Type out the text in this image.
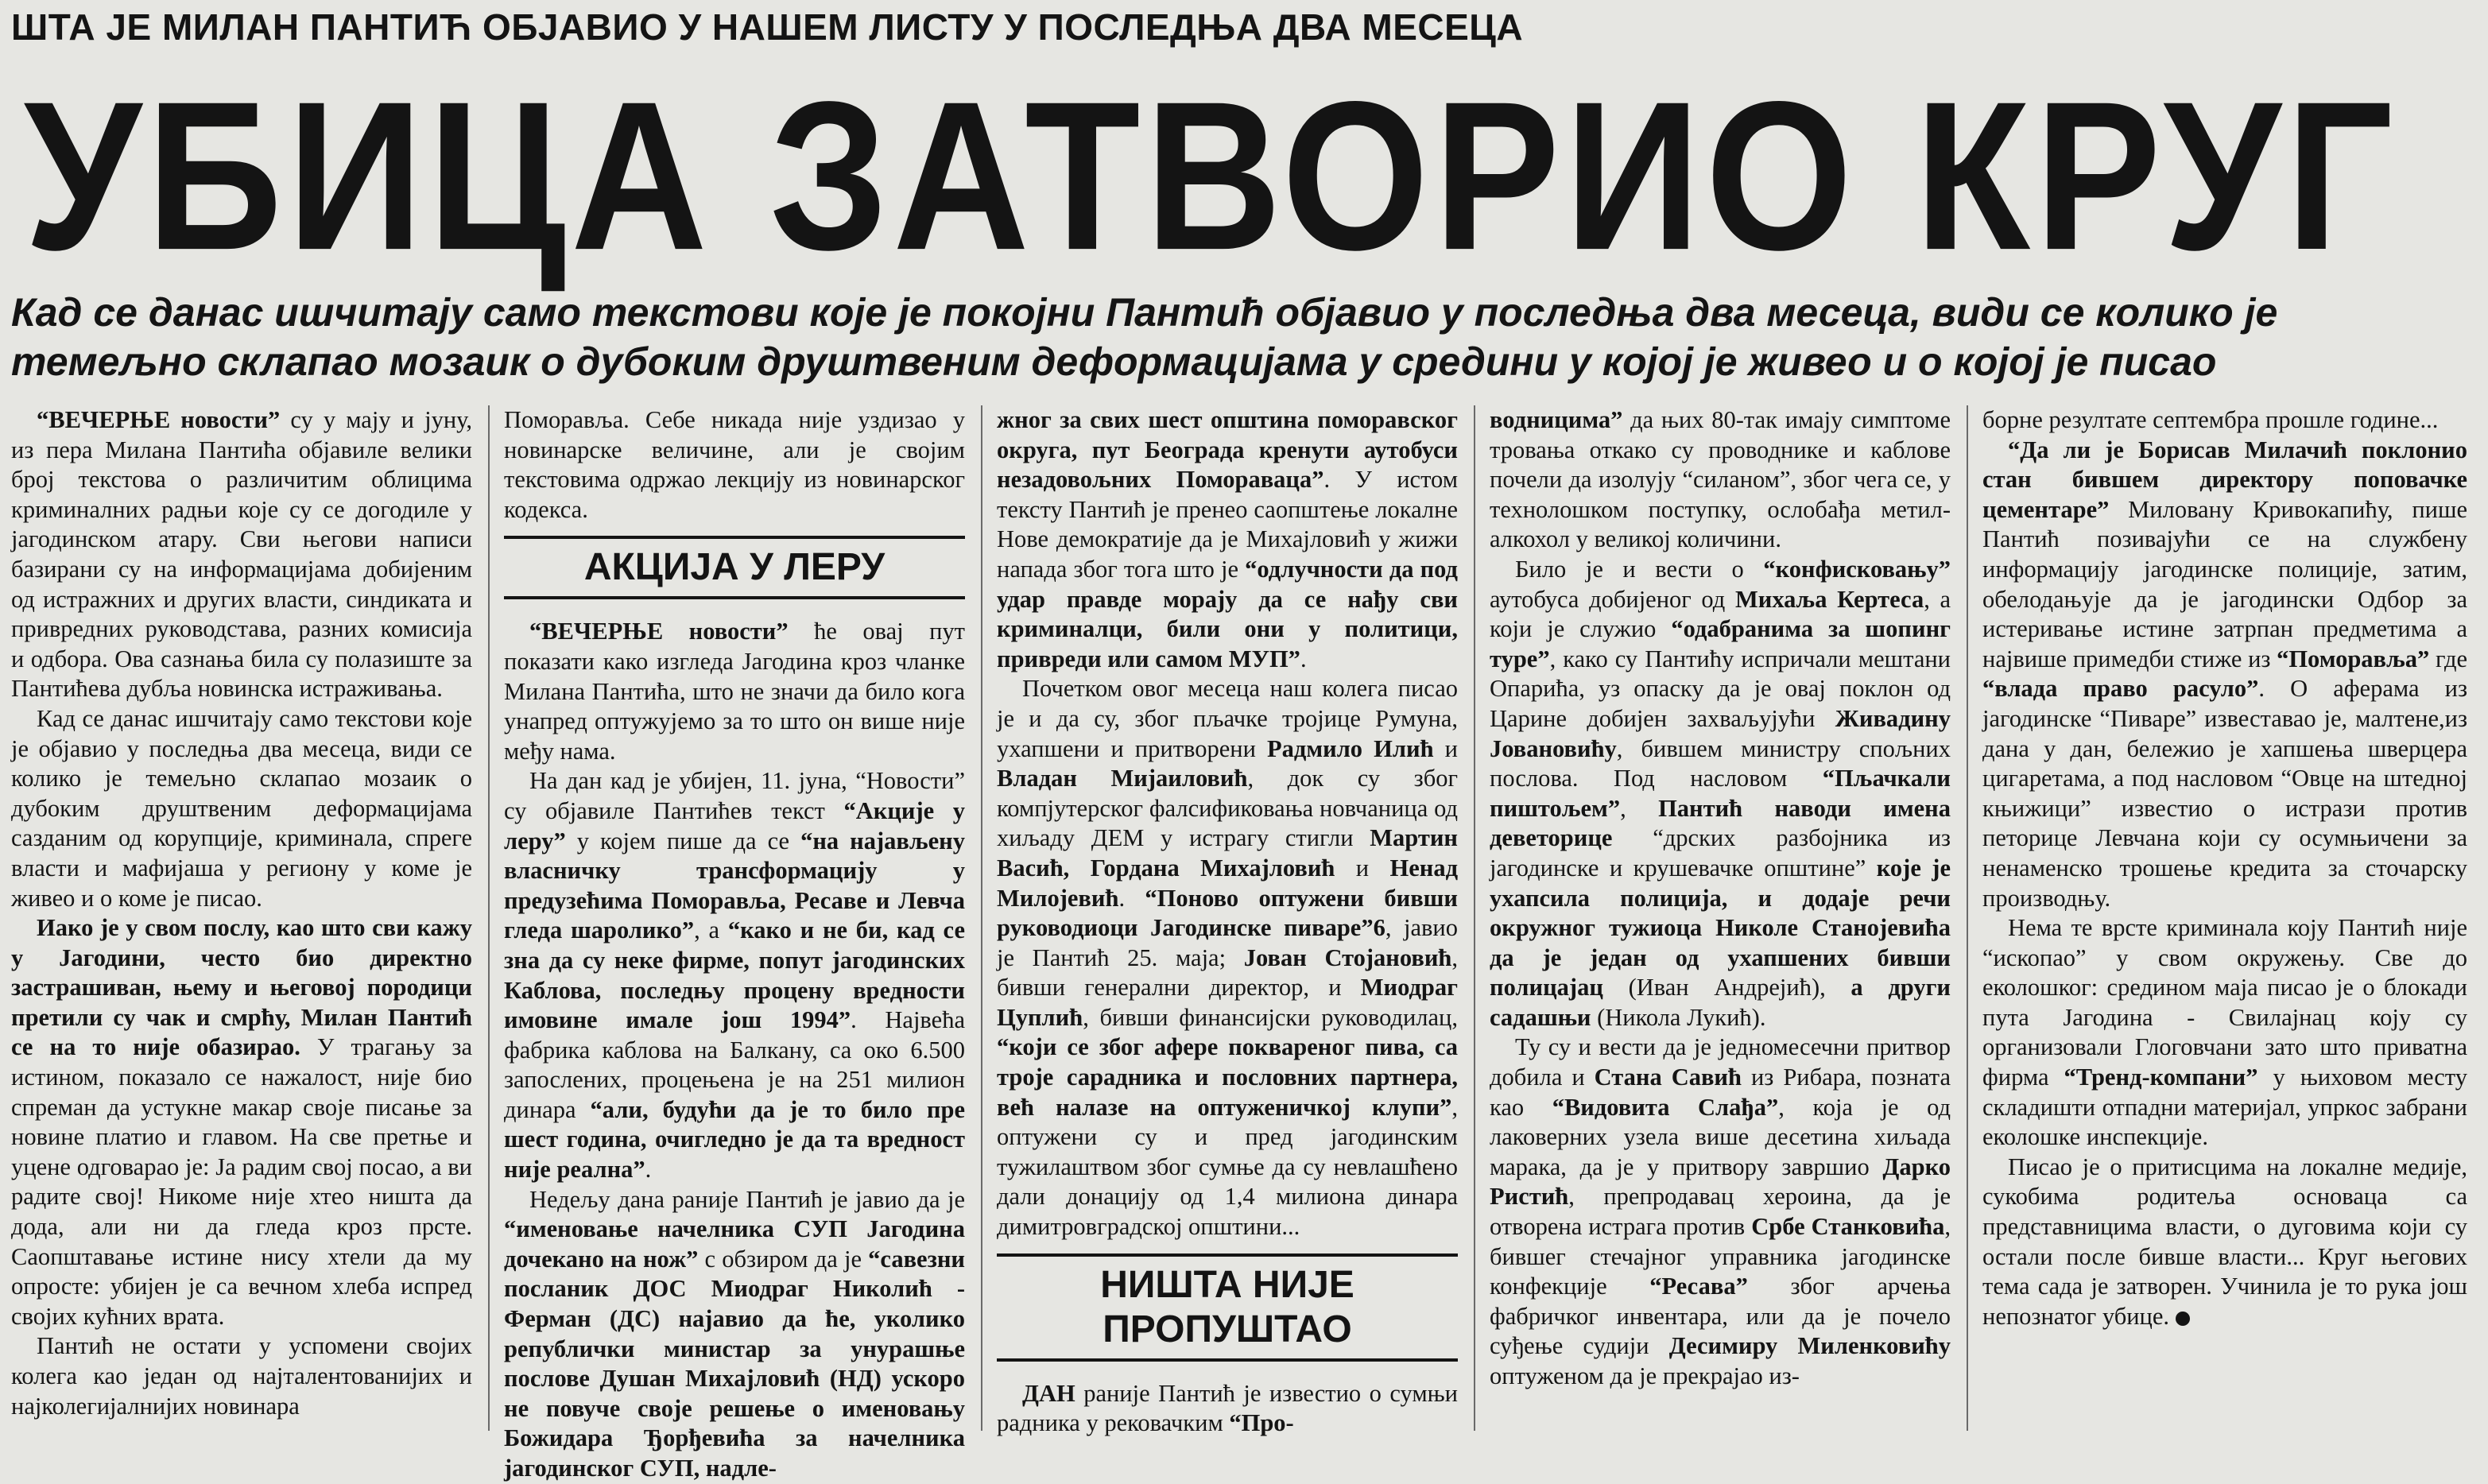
ШТА ЈЕ МИЛАН ПАНТИЋ ОБЈАВИО У НАШЕМ ЛИСТУ У ПОСЛЕДЊА ДВА МЕСЕЦА
УБИЦА ЗАТВОРИО КРУГ
Кад се данас ишчитају само текстови које је покојни Пантић објавио у последња два месеца, види се колико је темељно склапао мозаик о дубоким друштвеним деформацијама у средини у којој је живео и о којој је писао

“ВЕЧЕРЊЕ новости” су у мају и јуну, из пера Милана Пантића објавиле велики број текстова о различитим облицима криминалних радњи које су се догодиле у јагодинском атару. Сви његови написи базирани су на информацијама добијеним од истражних и других власти, синдиката и привредних руководстава, разних комисија и одбора. Ова сазнања била су полазиште за Пантићева дубља новинска истраживања.

Кад се данас ишчитају само текстови које је објавио у последња два месеца, види се колико је темељно склапао мозаик о дубоким друштвеним деформацијама сазданим од корупције, криминала, спреге власти и мафијаша у региону у коме је живео и о коме је писао.

Иако је у свом послу, као што сви кажу у Јагодини, често био директно застрашиван, њему и његовој породици претили су чак и смрћу, Милан Пантић се на то није обазирао. У трагању за истином, показало се нажалост, није био спреман да устукне макар своје писање за новине платио и главом. На све претње и уцене одговарао је: Ја радим свој посао, а ви радите свој! Никоме није хтео ништа да дода, али ни да гледа кроз прсте. Саопштавање истине нису хтели да му опросте: убијен је са вечном хлеба испред својих кућних врата.

Пантић не остати у успомени својих колега као један од најталентованијих и најколегијалнијих новинара

Поморавља. Себе никада није уздизао у новинарске величине, али је својим текстовима одржао лекцију из новинарског кодекса.

АКЦИЈА У ЛЕРУ

“ВЕЧЕРЊЕ новости” ће овај пут показати како изгледа Јагодина кроз чланке Милана Пантића, што не значи да било кога унапред оптужујемо за то што он више није међу нама.

На дан кад је убијен, 11. јуна, “Новости” су објавиле Пантићев текст “Акције у леру” у којем пише да се “на најављену власничку трансформацију у предузећима Поморавља, Ресаве и Левча гледа шаролико”, а “како и не би, кад се зна да су неке фирме, попут јагодинских Каблова, последњу процену вредности имовине имале још 1994”. Највећа фабрика каблова на Балкану, са око 6.500 запослених, процењена је на 251 милион динара “али, будући да је то било пре шест година, очигледно је да та вредност није реална”.

Недељу дана раније Пантић је јавио да је “именовање начелника СУП Јагодина дочекано на нож” с обзиром да је “савезни посланик ДОС Миодраг Николић - Ферман (ДС) најавио да ће, уколико републички министар за унурашње послове Душан Михајловић (НД) ускоро не повуче своје решење о именовању Божидара Ђорђевића за начелника јагодинског СУП, надле-

жног за свих шест општина поморавског округа, пут Београда кренути аутобуси незадовољних Поморавaца”. У истом тексту Пантић је пренео саопштење локалне Нове демократије да је Михајловић у жижи напада због тога што је “одлучности да под удар правде морају да се нађу сви криминалци, били они у политици, привреди или самом МУП”.

Почетком овог месеца наш колега писао је и да су, због пљачке тројице Румуна, ухапшени и притворени Радмило Илић и Владан Мијаиловић, док су због компјутерског фалсификовања новчаница од хиљаду ДЕМ у истрагу стигли Мартин Васић, Гордана Михајловић и Ненад Милојевић. “Поново оптужени бивши руководиоци Јагодинске пиваре”6, јавио је Пантић 25. маја; Јован Стојановић, бивши генерални директор, и Миодраг Цуплић, бивши финансијски руководилац, “који се због афере поквареног пива, са троје сарадника и пословних партнера, већ налазе на оптуженичкој клупи”, оптужени су и пред јагодинским тужилаштвом због сумње да су невлашћено дали донацију од 1,4 милиона динара димитровградској општини...

НИШТА НИЈЕ ПРОПУШТАО

ДАН раније Пантић је известио о сумњи радника у рековачким “Про-

водницима” да њих 80-так имају симптоме тровања откако су проводнике и каблове почели да изолују “силаном”, због чега се, у технолошком поступку, ослобађа метил-алкохол у великој количини.

Било је и вести о “конфисковању” аутобуса добијеног од Михаља Кертеса, а који је служио “одабранима за шопинг туре”, како су Пантићу испричали мештани Опарића, уз опаску да је овај поклон од Царине добијен захваљујући Живадину Јовановићу, бившем министру спољних послова. Под насловом “Пљачкали пиштољем”, Пантић наводи имена деветорице “дрских разбојника из јагодинске и крушевачке општине” које је ухапсила полиција, и додаје речи окружног тужиоца Николе Станојевића да је један од ухапшених бивши полицајац (Иван Андрејић), а други садашњи (Никола Лукић).

Ту су и вести да је једномесечни притвор добила и Стана Савић из Рибара, позната као “Видовита Слађа”, која је од лаковерних узела више десетина хиљада марака, да је у притвору завршио Дарко Ристић, препродавац хероина, да је отворена истрага против Србе Станковића, бившег стечајног управника јагодинске конфекције “Ресава” због арчења фабричког инвентара, или да је почело суђење судији Десимиру Миленковићу оптуженом да је прекрајао из-

борне резултате септембра прошле године...

“Да ли је Борисав Милачић поклонио стан бившем директору поповачке цементаре” Миловану Кривокапићу, пише Пантић позивајући се на службену информацију јагодинске полиције, затим, обелодањује да је јагодински Одбор за истеривање истине затрпан предметима а највише примедби стиже из “Поморавља” где “влада право расуло”. О аферама из јагодинске “Пиваре” известавао је, малтене,из дана у дан, бележио је хапшења шверцера цигаретама, а под насловом “Овце на штедној књижици” известио о истрази против петорице Левчана који су осумњичени за ненаменско трошење кредита за сточарску производњу.

Нема те врсте криминала коју Пантић није “ископао” у свом окружењу. Све до еколошког: средином маја писао је о блокади пута Јагодина - Свилајнац коју су организовали Глоговчани зато што приватна фирма “Тренд-компани” у њиховом месту складишти отпадни материјал, упркос забрани еколошке инспекције.

Писао је о притисцима на локалне медије, сукобима родитеља основаца са представницима власти, о дуговима који су остали после бивше власти... Круг његових тема сада је затворен. Учинила је то рука још непознатог убице.
